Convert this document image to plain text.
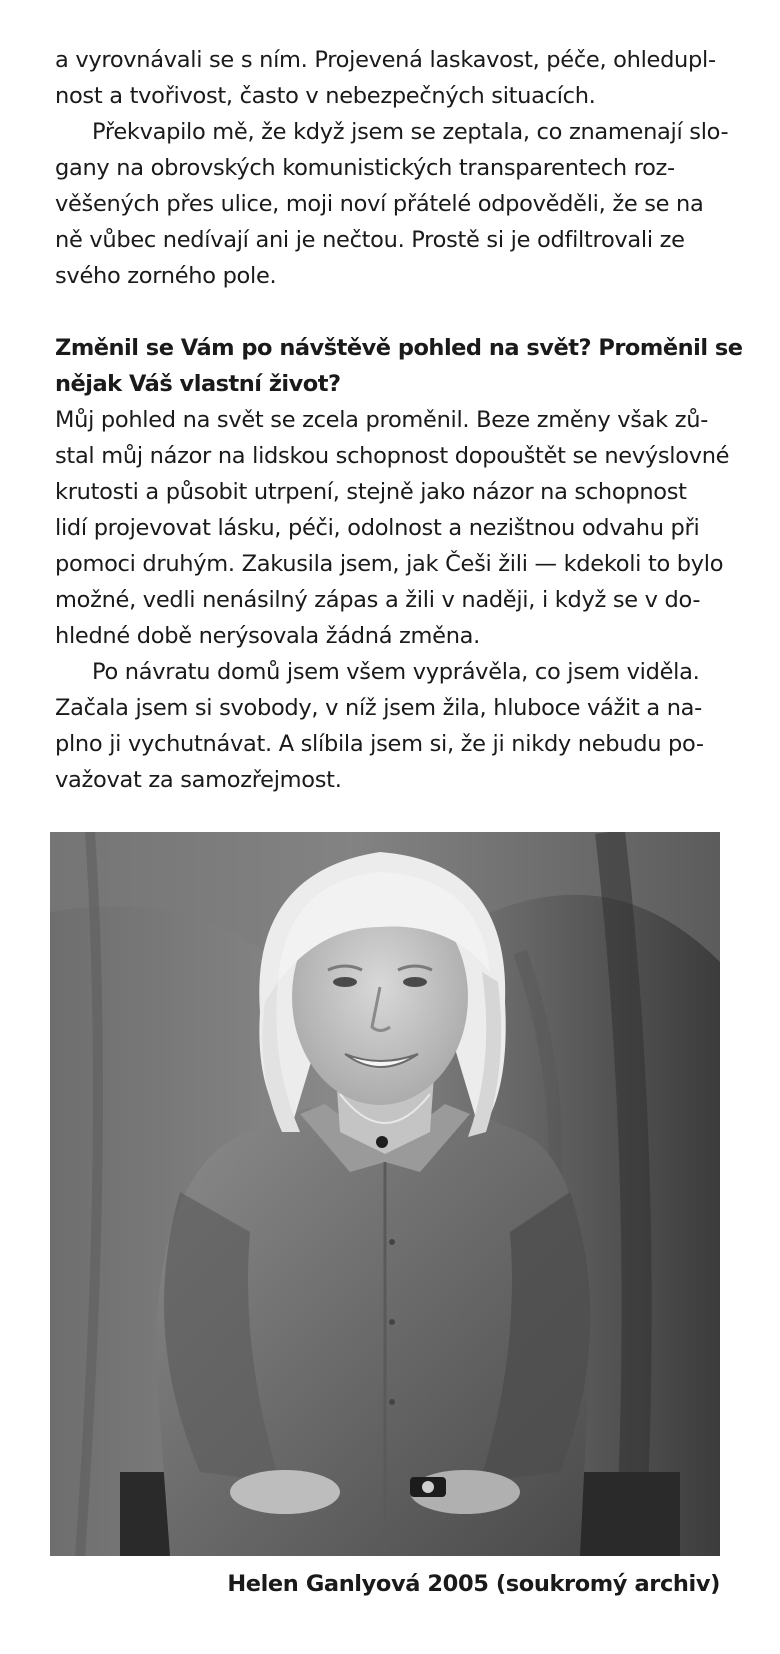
a vyrovnávali se s ním. Projevená laskavost, péče, ohledupl-
nost a tvořivost, často v nebezpečných situacích.
Překvapilo mě, že když jsem se zeptala, co znamenají slo-
gany na obrovských komunistických transparentech roz-
věšených přes ulice, moji noví přátelé odpověděli, že se na
ně vůbec nedívají ani je nečtou. Prostě si je odfiltrovali ze
svého zorného pole.
Změnil se Vám po návštěvě pohled na svět? Proměnil se
nějak Váš vlastní život?
Můj pohled na svět se zcela proměnil. Beze změny však zů-
stal můj názor na lidskou schopnost dopouštět se nevýslovné
krutosti a působit utrpení, stejně jako názor na schopnost
lidí projevovat lásku, péči, odolnost a nezištnou odvahu při
pomoci druhým. Zakusila jsem, jak Češi žili — kdekoli to bylo
možné, vedli nenásilný zápas a žili v naději, i když se v do-
hledné době nerýsovala žádná změna.
Po návratu domů jsem všem vyprávěla, co jsem viděla.
Začala jsem si svobody, v níž jsem žila, hluboce vážit a na-
plno ji vychutnávat. A slíbila jsem si, že ji nikdy nebudu po-
važovat za samozřejmost.
Helen Ganlyová 2005 (soukromý archiv)
